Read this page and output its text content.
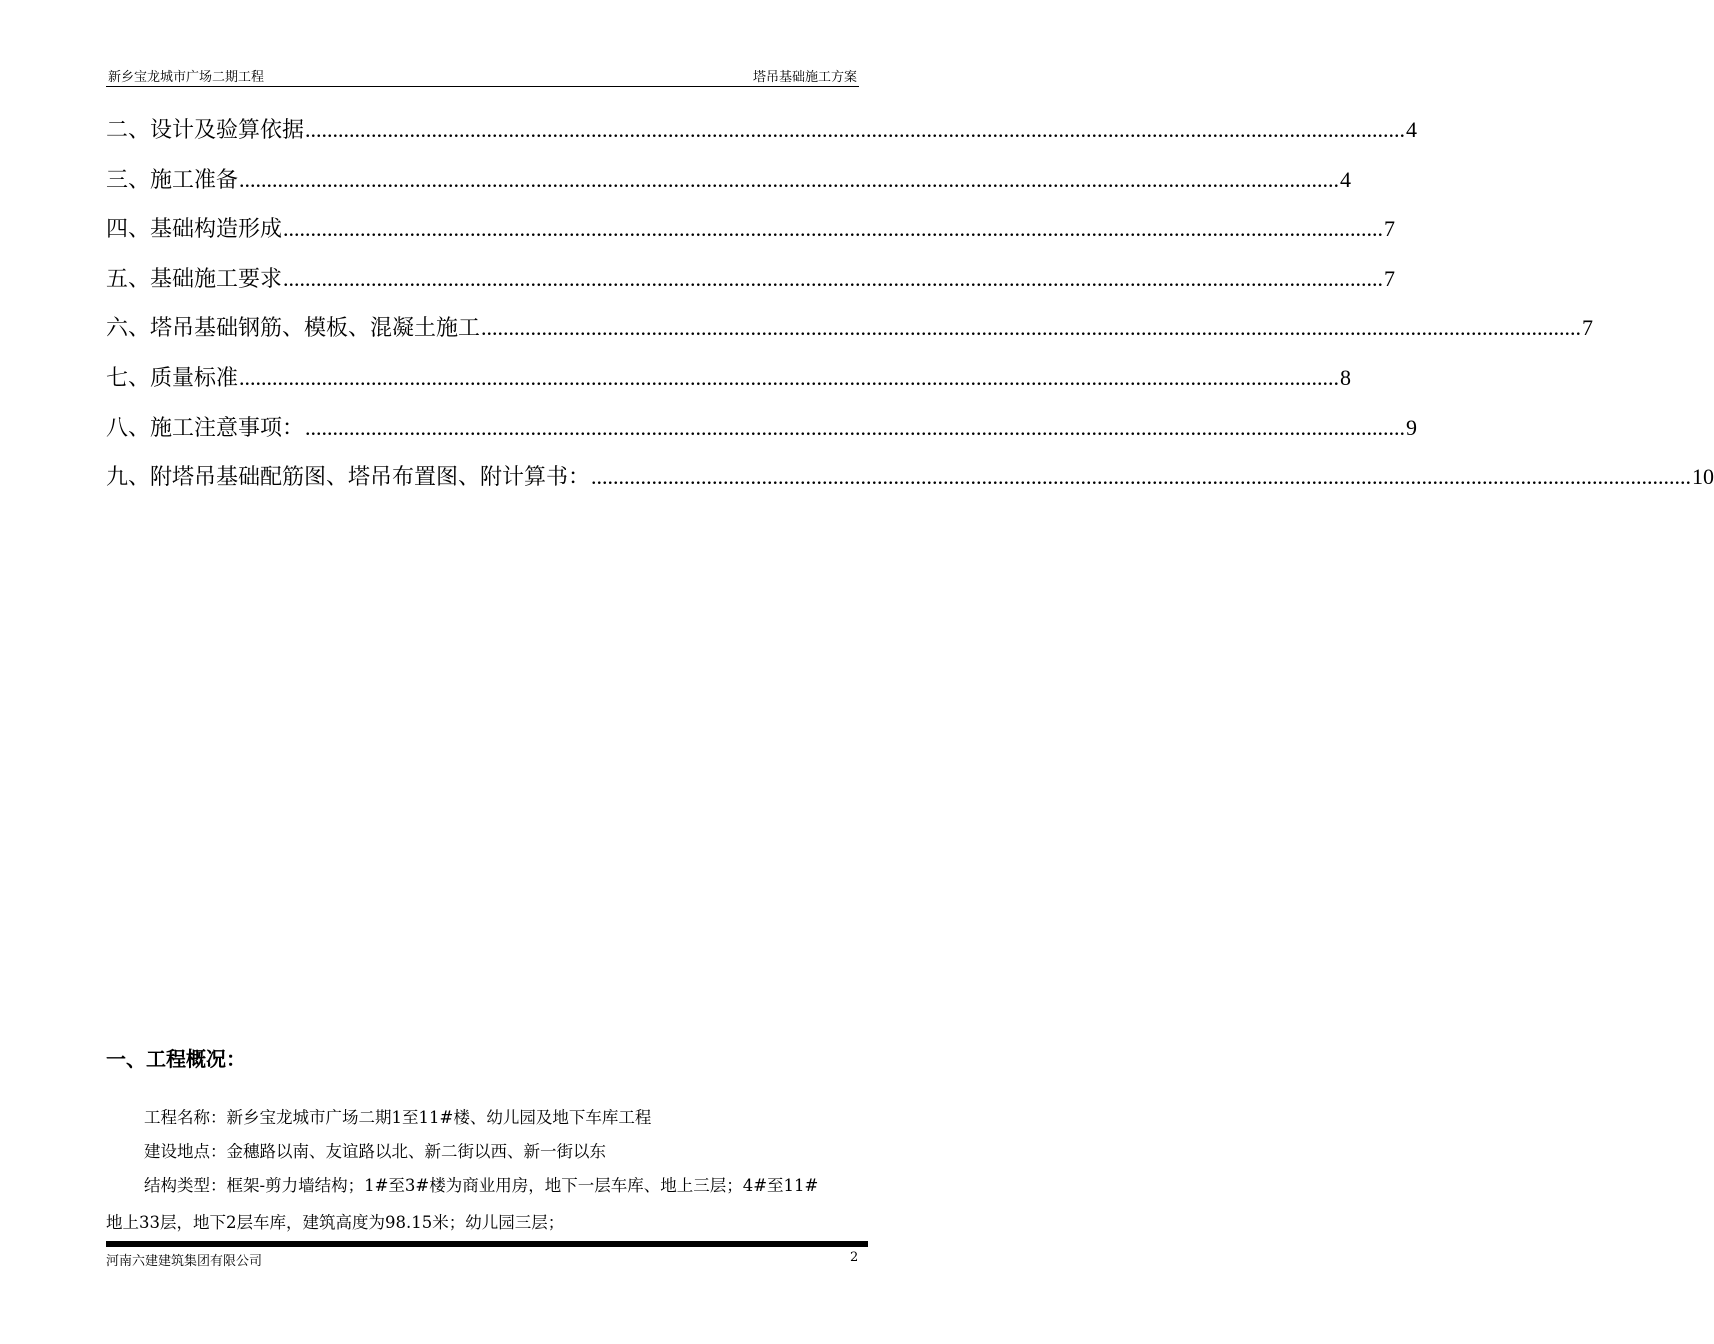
新乡宝龙城市广场二期工程	塔吊基础施工方案
二、设计及验算依据 ........................................................................................................................................................................................................ 4
三、施工准备 ........................................................................................................................................................................................................ 4
四、基础构造形成 ........................................................................................................................................................................................................ 7
五、基础施工要求 ........................................................................................................................................................................................................ 7
六、塔吊基础钢筋、模板、混凝土施工 ........................................................................................................................................................................................................ 7
七、质量标准 ........................................................................................................................................................................................................ 8
八、施工注意事项： ........................................................................................................................................................................................................ 9
九、附塔吊基础配筋图、塔吊布置图、附计算书： ........................................................................................................................................................................................................ 10
一、工程概况：
工程名称：新乡宝龙城市广场二期1至11#楼、幼儿园及地下车库工程
建设地点：金穗路以南、友谊路以北、新二街以西、新一街以东
结构类型：框架-剪力墙结构；1#至3#楼为商业用房，地下一层车库、地上三层；4#至11#
地上33层，地下2层车库，建筑高度为98.15米；幼儿园三层；
河南六建建筑集团有限公司	2
